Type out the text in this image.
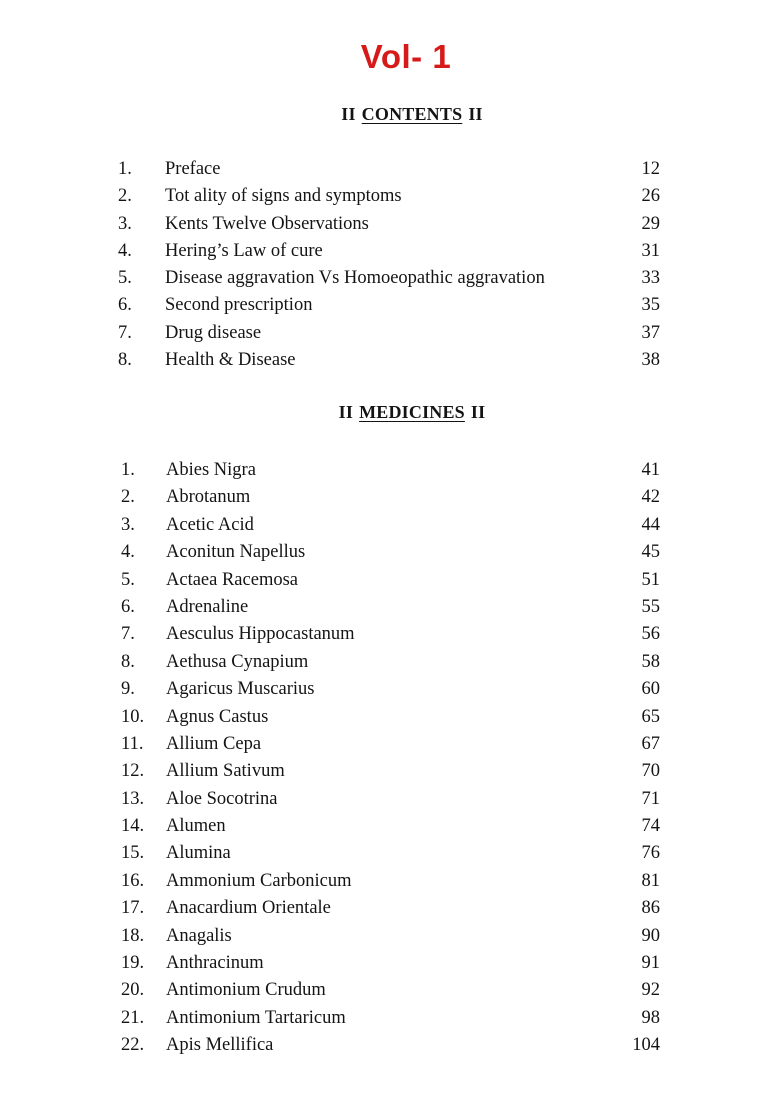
Vol- 1
II CONTENTS II
1. Preface	12
2. Tot ality of signs and symptoms	26
3. Kents Twelve Observations	29
4. Hering’s Law of cure	31
5. Disease aggravation Vs Homoeopathic aggravation	33
6. Second prescription	35
7. Drug disease	37
8. Health & Disease	38
II MEDICINES II
1. Abies Nigra	41
2. Abrotanum	42
3. Acetic Acid	44
4. Aconitun Napellus	45
5. Actaea Racemosa	51
6. Adrenaline	55
7. Aesculus Hippocastanum	56
8. Aethusa Cynapium	58
9. Agaricus Muscarius	60
10. Agnus Castus	65
11. Allium Cepa	67
12. Allium Sativum	70
13. Aloe Socotrina	71
14. Alumen	74
15. Alumina	76
16. Ammonium Carbonicum	81
17. Anacardium Orientale	86
18. Anagalis	90
19. Anthracinum	91
20. Antimonium Crudum	92
21. Antimonium Tartaricum	98
22. Apis Mellifica	104
